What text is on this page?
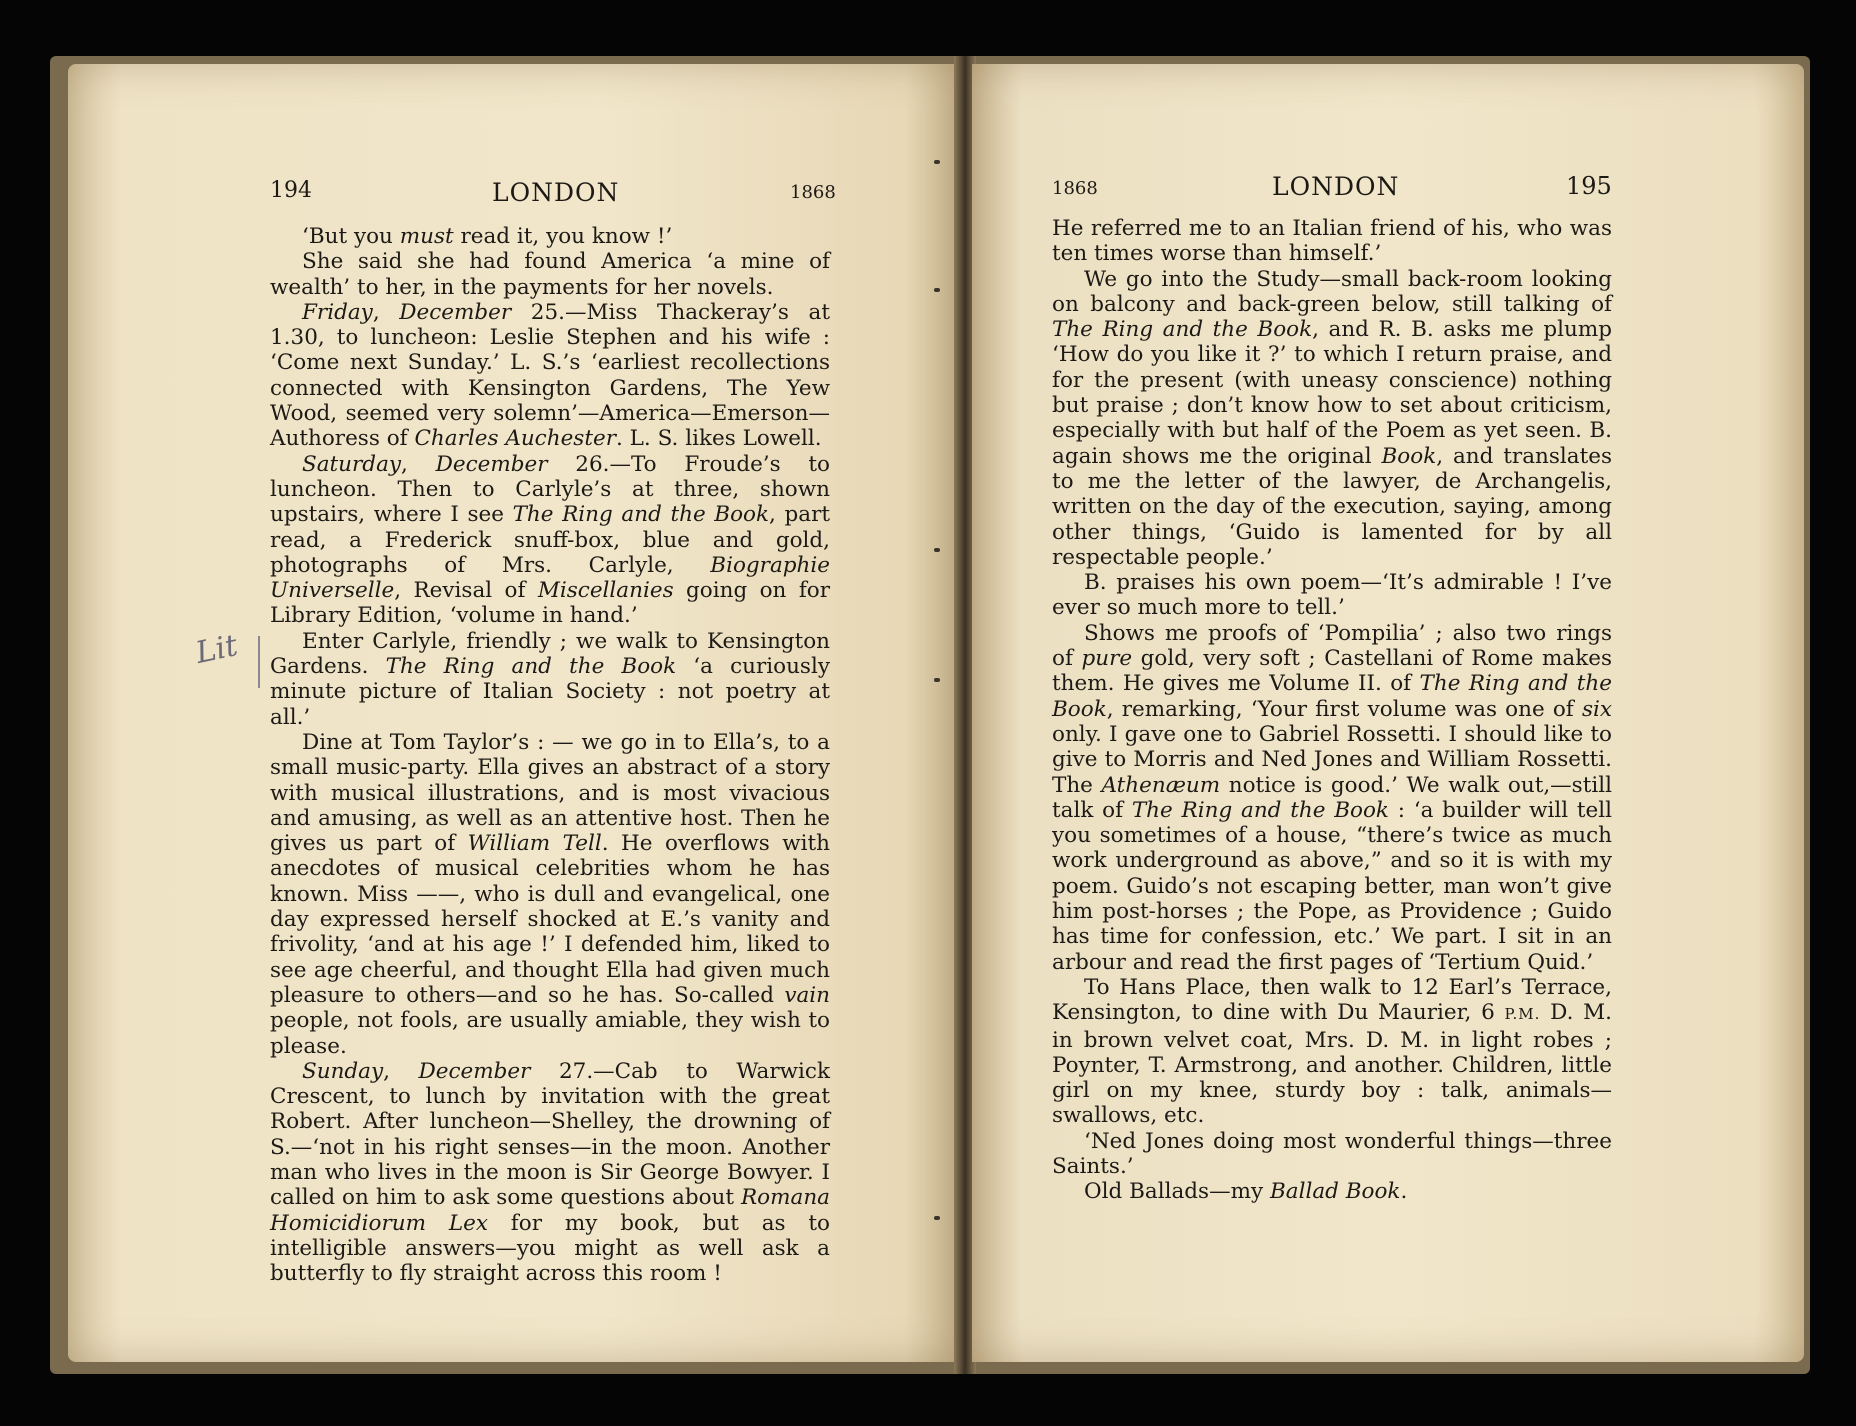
194	LONDON	1868	1868	LONDON	195

‘But you must read it, you know !’

She said she had found America ‘a mine of wealth’ to her, in the payments for her novels.

Friday, December 25.—Miss Thackeray’s at 1.30, to luncheon: Leslie Stephen and his wife : ‘Come next Sunday.’ L. S.’s ‘earliest recollections connected with Kensington Gardens, The Yew Wood, seemed very solemn’—America—Emerson—Authoress of Charles Auchester. L. S. likes Lowell.

Saturday, December 26.—To Froude’s to luncheon. Then to Carlyle’s at three, shown upstairs, where I see The Ring and the Book, part read, a Frederick snuff-box, blue and gold, photographs of Mrs. Carlyle, Biographie Universelle, Revisal of Miscellanies going on for Library Edition, ‘volume in hand.’

Enter Carlyle, friendly ; we walk to Kensington Gardens. The Ring and the Book ‘a curiously minute picture of Italian Society : not poetry at all.’

Dine at Tom Taylor’s : — we go in to Ella’s, to a small music-party. Ella gives an abstract of a story with musical illustrations, and is most vivacious and amusing, as well as an attentive host. Then he gives us part of William Tell. He overflows with anecdotes of musical celebrities whom he has known. Miss ——, who is dull and evangelical, one day expressed herself shocked at E.’s vanity and frivolity, ‘and at his age !’ I defended him, liked to see age cheerful, and thought Ella had given much pleasure to others—and so he has. So-called vain people, not fools, are usually amiable, they wish to please.

Sunday, December 27.—Cab to Warwick Crescent, to lunch by invitation with the great Robert. After luncheon—Shelley, the drowning of S.—‘not in his right senses—in the moon. Another man who lives in the moon is Sir George Bowyer. I called on him to ask some questions about Romana Homicidiorum Lex for my book, but as to intelligible answers—you might as well ask a butterfly to fly straight across this room !

He referred me to an Italian friend of his, who was ten times worse than himself.’

We go into the Study—small back-room looking on balcony and back-green below, still talking of The Ring and the Book, and R. B. asks me plump ‘How do you like it ?’ to which I return praise, and for the present (with uneasy conscience) nothing but praise ; don’t know how to set about criticism, especially with but half of the Poem as yet seen. B. again shows me the original Book, and translates to me the letter of the lawyer, de Archangelis, written on the day of the execution, saying, among other things, ‘Guido is lamented for by all respectable people.’

B. praises his own poem—‘It’s admirable ! I’ve ever so much more to tell.’

Shows me proofs of ‘Pompilia’ ; also two rings of pure gold, very soft ; Castellani of Rome makes them. He gives me Volume II. of The Ring and the Book, remarking, ‘Your first volume was one of six only. I gave one to Gabriel Rossetti. I should like to give to Morris and Ned Jones and William Rossetti. The Athenæum notice is good.’ We walk out,—still talk of The Ring and the Book : ‘a builder will tell you sometimes of a house, “there’s twice as much work underground as above,” and so it is with my poem. Guido’s not escaping better, man won’t give him post-horses ; the Pope, as Providence ; Guido has time for confession, etc.’ We part. I sit in an arbour and read the first pages of ‘Tertium Quid.’

To Hans Place, then walk to 12 Earl’s Terrace, Kensington, to dine with Du Maurier, 6 P.M. D. M. in brown velvet coat, Mrs. D. M. in light robes ; Poynter, T. Armstrong, and another. Children, little girl on my knee, sturdy boy : talk, animals—swallows, etc.

‘Ned Jones doing most wonderful things—three Saints.’

Old Ballads—my Ballad Book.

Lit
